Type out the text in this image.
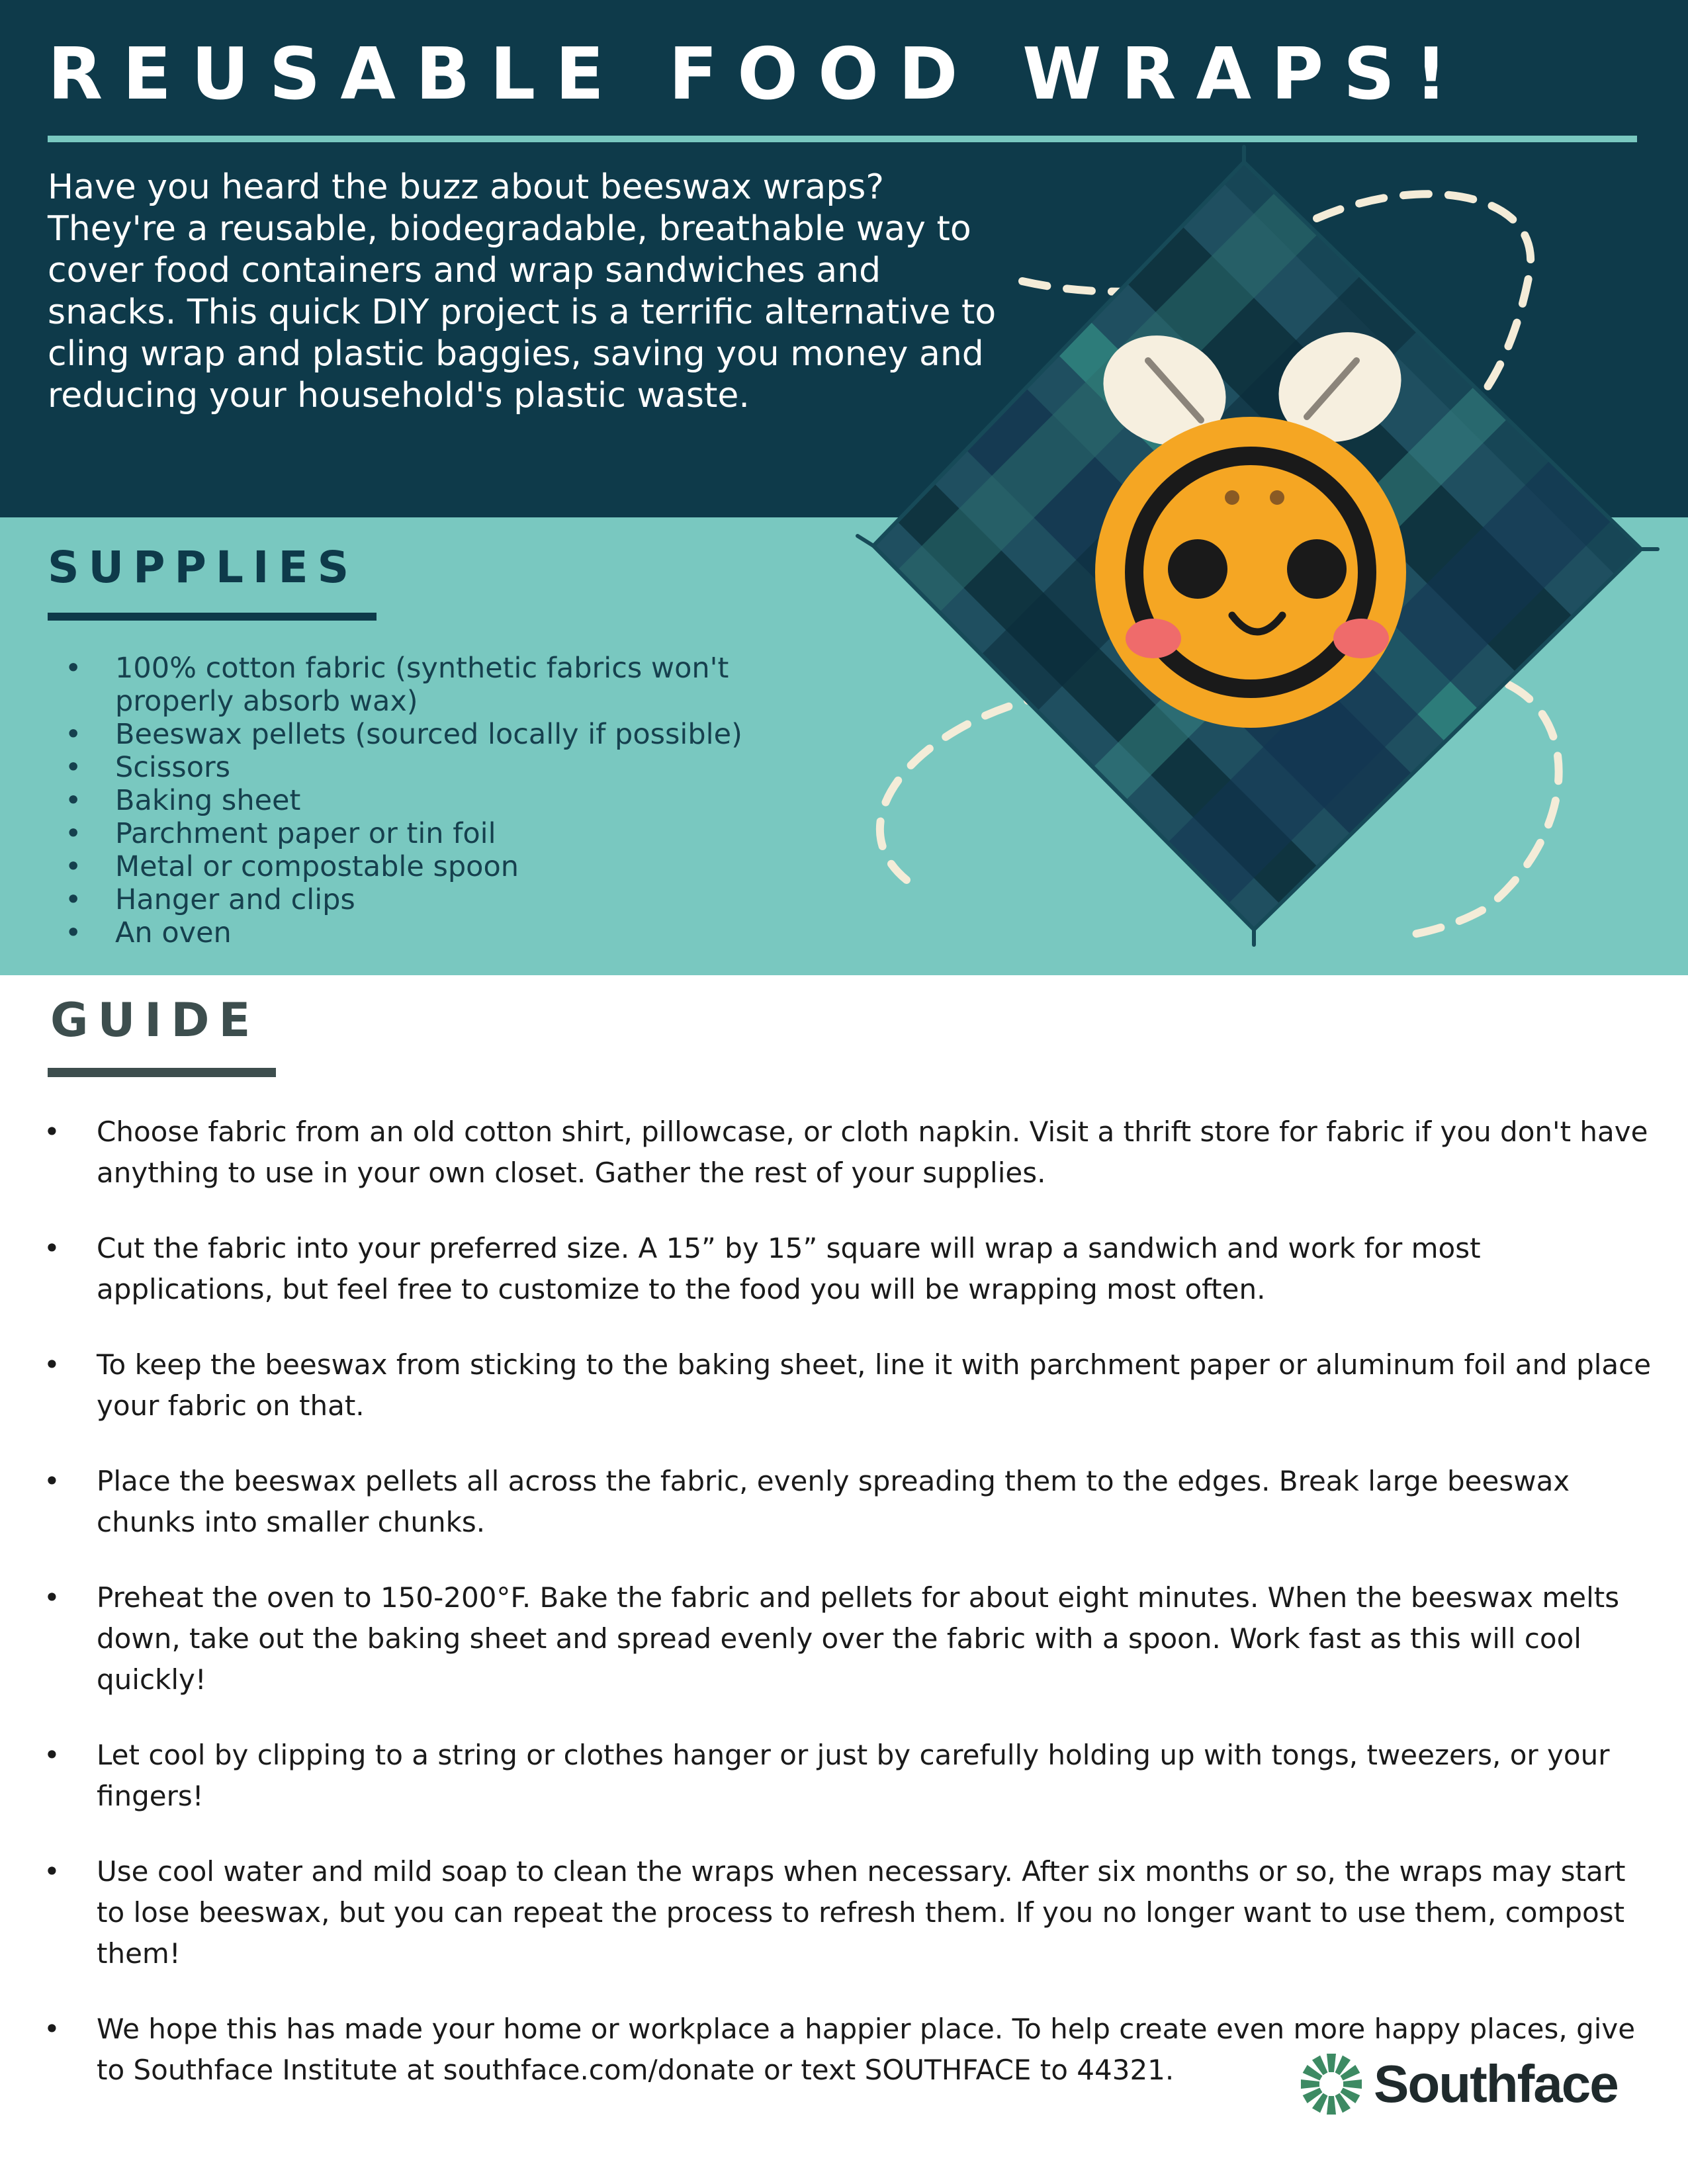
REUSABLE FOOD WRAPS!

Have you heard the buzz about beeswax wraps? They're a reusable, biodegradable, breathable way to cover food containers and wrap sandwiches and snacks. This quick DIY project is a terrific alternative to cling wrap and plastic baggies, saving you money and reducing your household's plastic waste.

SUPPLIES
• 100% cotton fabric (synthetic fabrics won't properly absorb wax)
• Beeswax pellets (sourced locally if possible)
• Scissors
• Baking sheet
• Parchment paper or tin foil
• Metal or compostable spoon
• Hanger and clips
• An oven
GUIDE
• Choose fabric from an old cotton shirt, pillowcase, or cloth napkin. Visit a thrift store for fabric if you don't have anything to use in your own closet. Gather the rest of your supplies.
• Cut the fabric into your preferred size. A 15” by 15” square will wrap a sandwich and work for most applications, but feel free to customize to the food you will be wrapping most often.
• To keep the beeswax from sticking to the baking sheet, line it with parchment paper or aluminum foil and place your fabric on that.
• Place the beeswax pellets all across the fabric, evenly spreading them to the edges. Break large beeswax chunks into smaller chunks.
• Preheat the oven to 150-200°F. Bake the fabric and pellets for about eight minutes. When the beeswax melts down, take out the baking sheet and spread evenly over the fabric with a spoon. Work fast as this will cool quickly!
• Let cool by clipping to a string or clothes hanger or just by carefully holding up with tongs, tweezers, or your fingers!
• Use cool water and mild soap to clean the wraps when necessary. After six months or so, the wraps may start to lose beeswax, but you can repeat the process to refresh them. If you no longer want to use them, compost them!
• We hope this has made your home or workplace a happier place. To help create even more happy places, give to Southface Institute at southface.com/donate or text SOUTHFACE to 44321.	Southface
